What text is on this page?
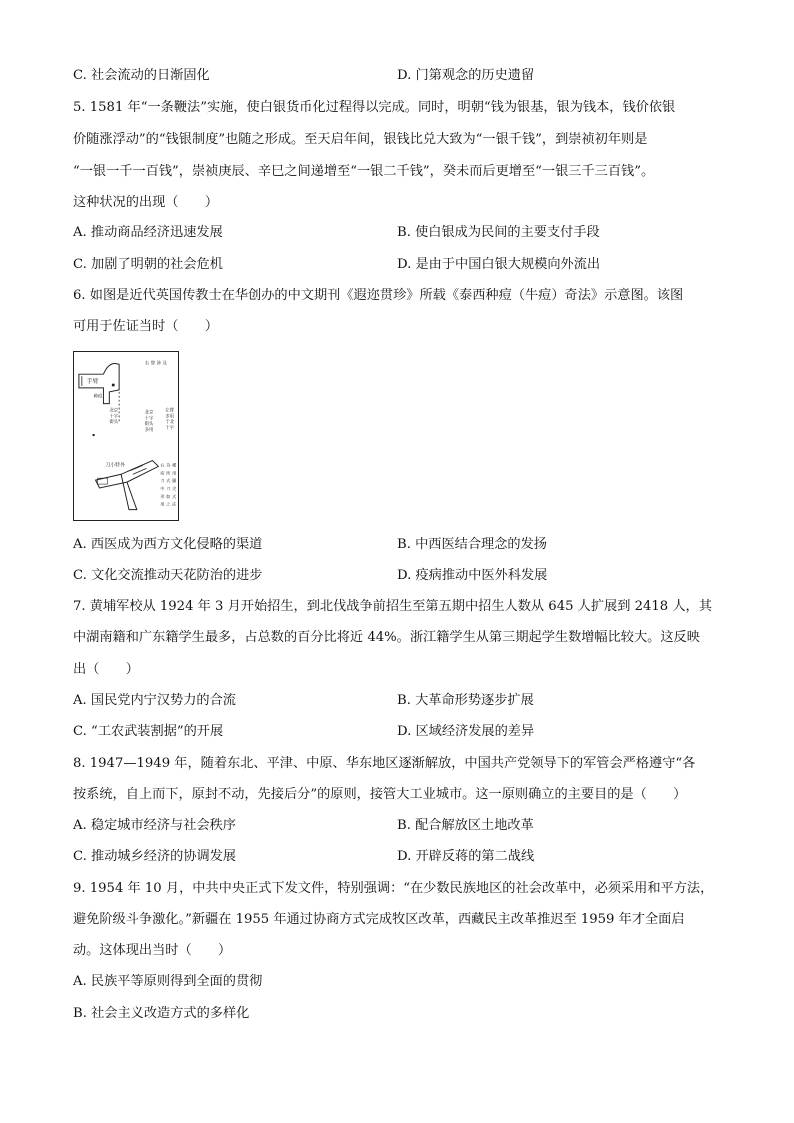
C. 社会流动的日渐固化	D. 门第观念的历史遗留
5. 1581 年“一条鞭法”实施，使白银货币化过程得以完成。同时，明朝“钱为银基，银为钱本，钱价依银
价随涨浮动”的“钱银制度”也随之形成。至天启年间，银钱比兑大致为“一银千钱”，到崇祯初年则是
“一银一千一百钱”，崇祯庚辰、辛巳之间递增至“一银二千钱”，癸未而后更增至“一银三千三百钱”。
这种状况的出现（　　）
A. 推动商品经济迅速发展	B. 使白银成为民间的主要支付手段
C. 加剧了明朝的社会危机	D. 是由于中国白银大规模向外流出
6. 如图是近代英国传教士在华创办的中文期刊《遐迩贯珍》所载《泰西种痘（牛痘）奇法》示意图。该图
可用于佐证当时（　　）
手臂
种痘
右 臂 涉 及
北京
十字
街头
北京
十字
街头
多用
左臂
多用
于北
十字
刀小特外	右 為 種
痘 所 用
刀 式 圖
中 刀 尖
形 如 式
用 之 法
A. 西医成为西方文化侵略的渠道	B. 中西医结合理念的发扬
C. 文化交流推动天花防治的进步	D. 疫病推动中医外科发展
7. 黄埔军校从 1924 年 3 月开始招生，到北伐战争前招生至第五期中招生人数从 645 人扩展到 2418 人，其
中湖南籍和广东籍学生最多，占总数的百分比将近 44%。浙江籍学生从第三期起学生数增幅比较大。这反映
出（　　）
A. 国民党内宁汉势力的合流	B. 大革命形势逐步扩展
C. “工农武装割据”的开展	D. 区域经济发展的差异
8. 1947—1949 年，随着东北、平津、中原、华东地区逐渐解放，中国共产党领导下的军管会严格遵守“各
按系统，自上而下，原封不动，先接后分”的原则，接管大工业城市。这一原则确立的主要目的是（　　）
A. 稳定城市经济与社会秩序	B. 配合解放区土地改革
C. 推动城乡经济的协调发展	D. 开辟反蒋的第二战线
9. 1954 年 10 月，中共中央正式下发文件，特别强调：“在少数民族地区的社会改革中，必须采用和平方法，
避免阶级斗争激化。”新疆在 1955 年通过协商方式完成牧区改革，西藏民主改革推迟至 1959 年才全面启
动。这体现出当时（　　）
A. 民族平等原则得到全面的贯彻
B. 社会主义改造方式的多样化
